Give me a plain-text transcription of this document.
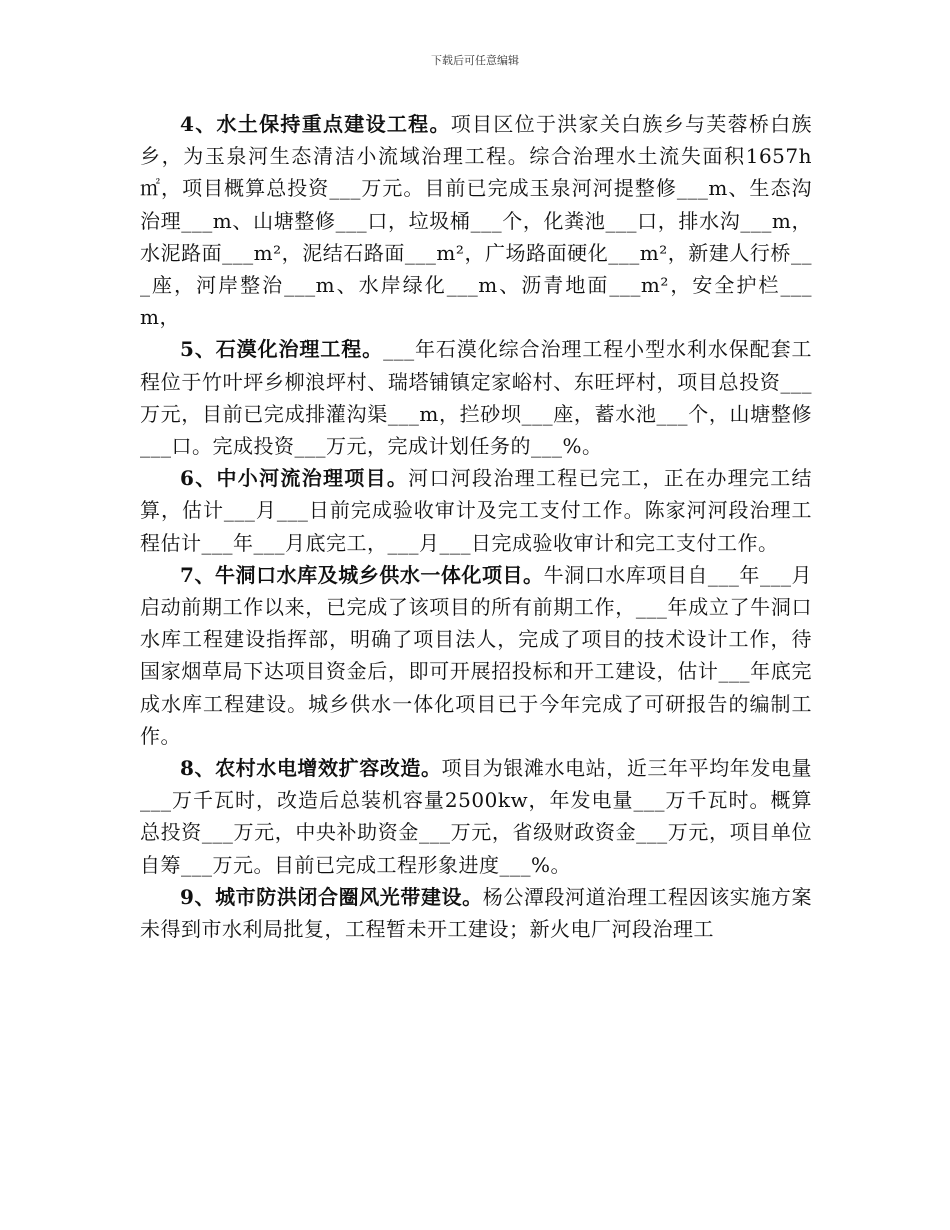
下载后可任意编辑

4、水土保持重点建设工程。项目区位于洪家关白族乡与芙蓉桥白族乡，为玉泉河生态清洁小流域治理工程。综合治理水土流失面积1657h㎡，项目概算总投资___万元。目前已完成玉泉河河提整修___m、生态沟治理___m、山塘整修___口，垃圾桶___个，化粪池___口，排水沟___m，水泥路面___m²，泥结石路面___m²，广场路面硬化___m²，新建人行桥___座，河岸整治___m、水岸绿化___m、沥青地面___m²，安全护栏___m，

5、石漠化治理工程。___年石漠化综合治理工程小型水利水保配套工程位于竹叶坪乡柳浪坪村、瑞塔铺镇定家峪村、东旺坪村，项目总投资___万元，目前已完成排灌沟渠___m，拦砂坝___座，蓄水池___个，山塘整修___口。完成投资___万元，完成计划任务的___%。

6、中小河流治理项目。河口河段治理工程已完工，正在办理完工结算，估计___月___日前完成验收审计及完工支付工作。陈家河河段治理工程估计___年___月底完工，___月___日完成验收审计和完工支付工作。

7、牛洞口水库及城乡供水一体化项目。牛洞口水库项目自___年___月启动前期工作以来，已完成了该项目的所有前期工作，___年成立了牛洞口水库工程建设指挥部，明确了项目法人，完成了项目的技术设计工作，待国家烟草局下达项目资金后，即可开展招投标和开工建设，估计___年底完成水库工程建设。城乡供水一体化项目已于今年完成了可研报告的编制工作。

8、农村水电增效扩容改造。项目为银滩水电站，近三年平均年发电量___万千瓦时，改造后总装机容量2500kw，年发电量___万千瓦时。概算总投资___万元，中央补助资金___万元，省级财政资金___万元，项目单位自筹___万元。目前已完成工程形象进度___%。

9、城市防洪闭合圈风光带建设。杨公潭段河道治理工程因该实施方案未得到市水利局批复，工程暂未开工建设；新火电厂河段治理工
